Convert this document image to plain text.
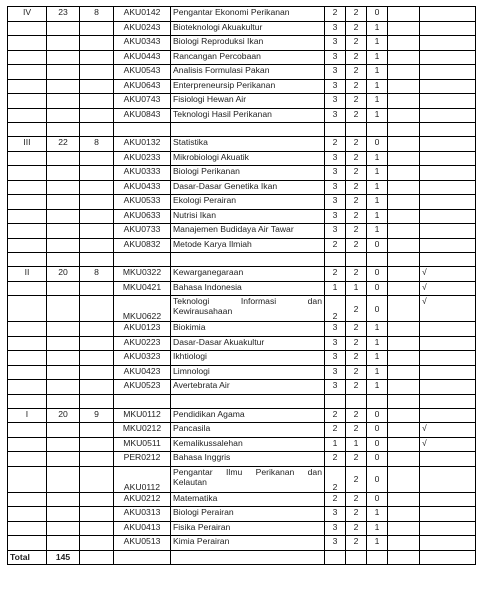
IV	23	8	AKU0142	Pengantar Ekonomi Perikanan	2	2	0		
			AKU0243	Bioteknologi Akuakultur	3	2	1		
			AKU0343	Biologi Reproduksi Ikan	3	2	1		
			AKU0443	Rancangan Percobaan	3	2	1		
			AKU0543	Analisis Formulasi Pakan	3	2	1		
			AKU0643	Enterpreneursip Perikanan	3	2	1		
			AKU0743	Fisiologi Hewan Air	3	2	1		
			AKU0843	Teknologi Hasil Perikanan	3	2	1		

III	22	8	AKU0132	Statistika	2	2	0		
			AKU0233	Mikrobiologi Akuatik	3	2	1		
			AKU0333	Biologi Perikanan	3	2	1		
			AKU0433	Dasar-Dasar Genetika Ikan	3	2	1		
			AKU0533	Ekologi Perairan	3	2	1		
			AKU0633	Nutrisi Ikan	3	2	1		
			AKU0733	Manajemen Budidaya Air Tawar	3	2	1		
			AKU0832	Metode Karya Ilmiah	2	2	0		

II	20	8	MKU0322	Kewarganegaraan	2	2	0		√
			MKU0421	Bahasa Indonesia	1	1	0		√
			MKU0622	Teknologi Informasi dan
Kewirausahaan	2	2	0		√
			AKU0123	Biokimia	3	2	1		
			AKU0223	Dasar-Dasar Akuakultur	3	2	1		
			AKU0323	Ikhtiologi	3	2	1		
			AKU0423	Limnologi	3	2	1		
			AKU0523	Avertebrata Air	3	2	1		

I	20	9	MKU0112	Pendidikan Agama	2	2	0		
			MKU0212	Pancasila	2	2	0		√
			MKU0511	Kemalikussalehan	1	1	0		√
			PER0212	Bahasa Inggris	2	2	0		
			AKU0112	Pengantar Ilmu Perikanan dan
Kelautan	2	2	0		
			AKU0212	Matematika	2	2	0		
			AKU0313	Biologi Perairan	3	2	1		
			AKU0413	Fisika Perairan	3	2	1		
			AKU0513	Kimia Perairan	3	2	1		
Total	145								
